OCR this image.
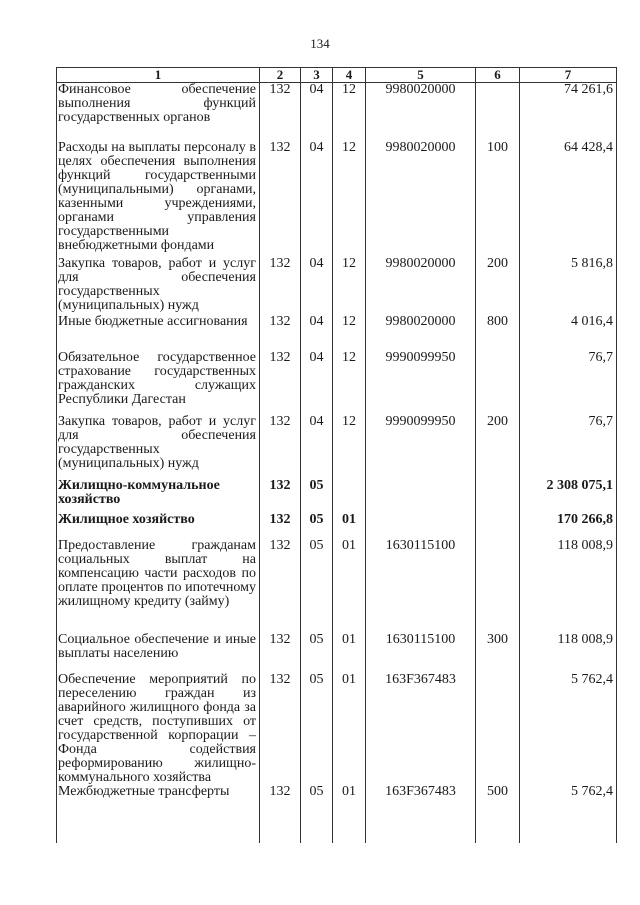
134
1	2	3	4	5	6	7
Финансовое обеспечение выполнения функций государственных органов	132	04	12	9980020000		74 261,6
Расходы на выплаты персоналу в целях обеспечения выполнения функций государственными (муниципальными) органами, казенными учреждениями, органами управления государственными внебюджетными фондами	132	04	12	9980020000	100	64 428,4
Закупка товаров, работ и услуг для обеспечения государственных (муниципальных) нужд	132	04	12	9980020000	200	5 816,8
Иные бюджетные ассигнования	132	04	12	9980020000	800	4 016,4
Обязательное государственное страхование государственных гражданских служащих Республики Дагестан	132	04	12	9990099950		76,7
Закупка товаров, работ и услуг для обеспечения государственных (муниципальных) нужд	132	04	12	9990099950	200	76,7
Жилищно-коммунальное хозяйство	132	05				2 308 075,1
Жилищное хозяйство	132	05	01			170 266,8
Предоставление гражданам социальных выплат на компенсацию части расходов по оплате процентов по ипотечному жилищному кредиту (займу)	132	05	01	1630115100		118 008,9
Социальное обеспечение и иные выплаты населению	132	05	01	1630115100	300	118 008,9
Обеспечение мероприятий по переселению граждан из аварийного жилищного фонда за счет средств, поступивших от государственной корпорации – Фонда содействия реформированию жилищно-коммунального хозяйства	132	05	01	163F367483		5 762,4
Межбюджетные трансферты	132	05	01	163F367483	500	5 762,4
